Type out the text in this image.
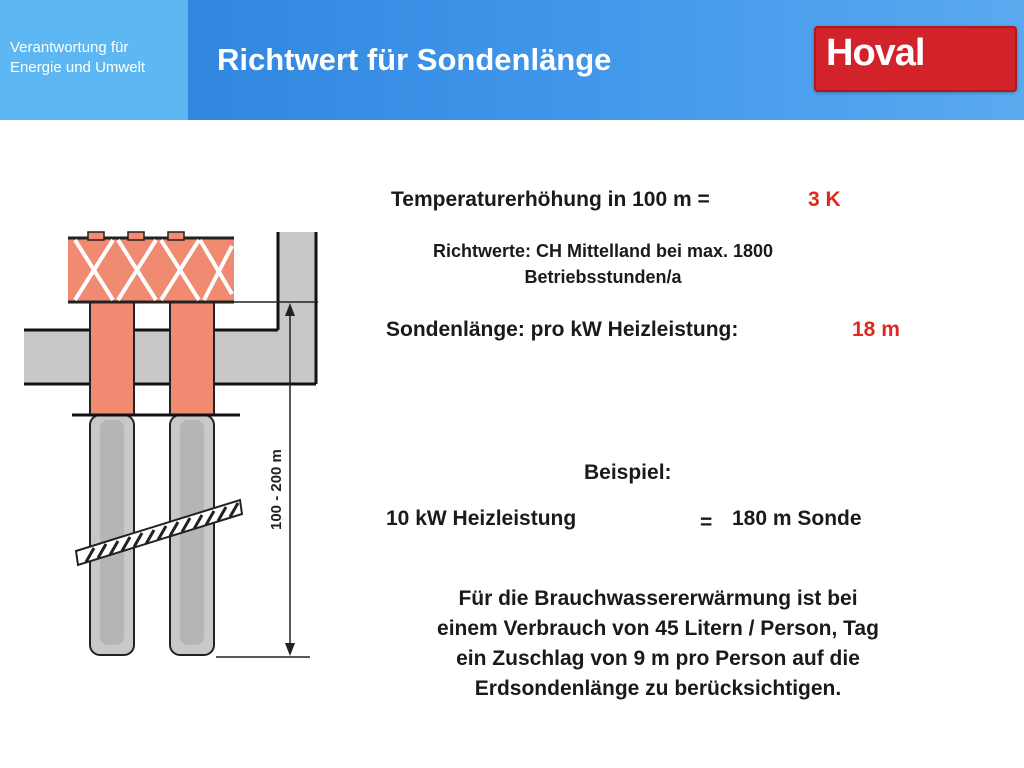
Verantwortung für
Energie und Umwelt Richtwert für Sondenlänge	Hoval
100 - 200 m
Temperaturerhöhung in 100 m =	3 K
Richtwerte: CH Mittelland bei max. 1800
Betriebsstunden/a
Sondenlänge: pro kW Heizleistung:	18 m
Beispiel:
10 kW Heizleistung	= 180 m Sonde
Für die Brauchwassererwärmung ist bei
einem Verbrauch von 45 Litern / Person, Tag
ein Zuschlag von 9 m pro Person auf die
Erdsondenlänge zu berücksichtigen.
